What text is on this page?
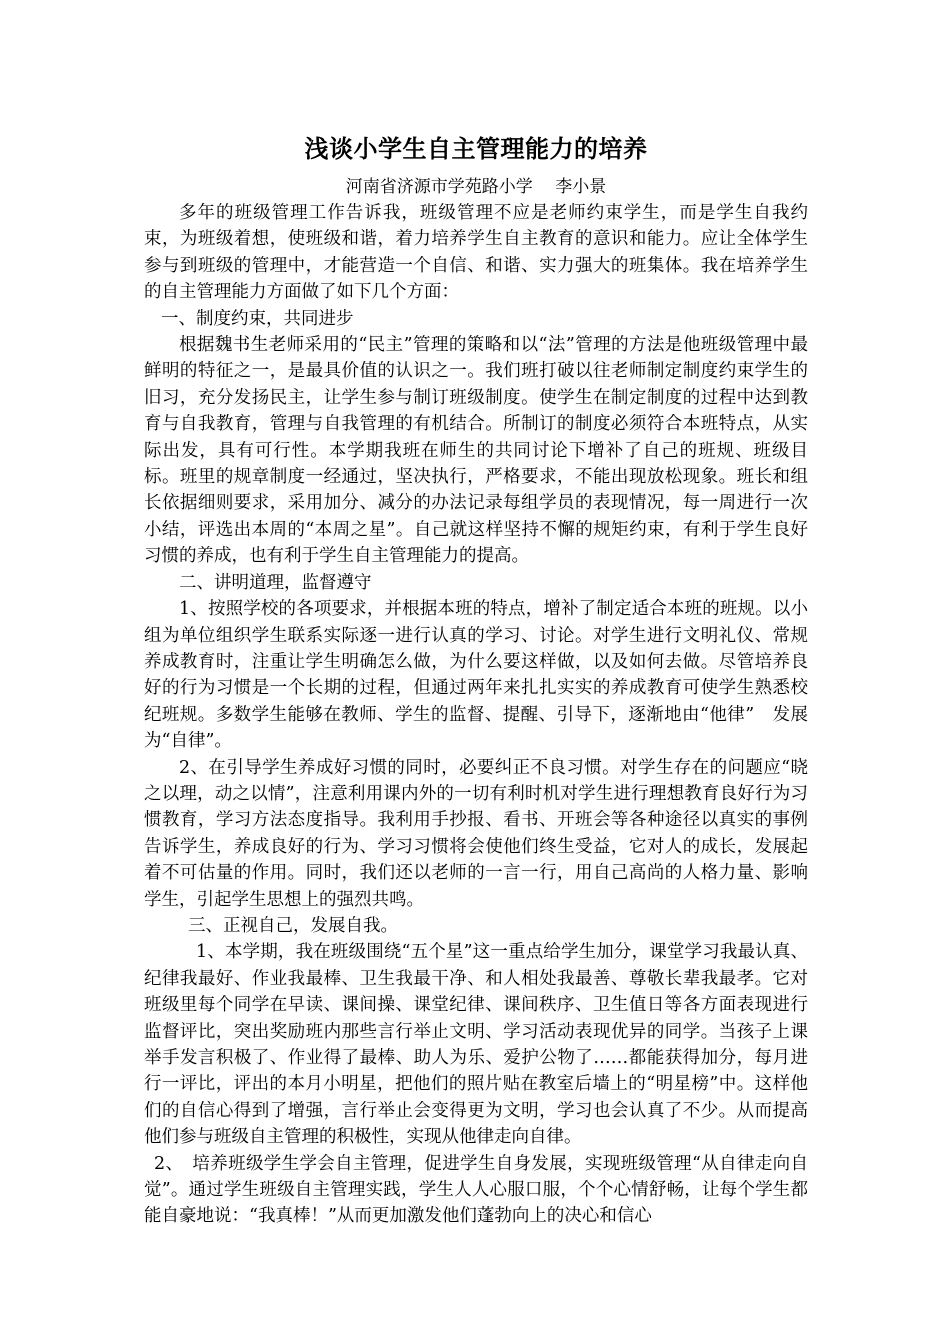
浅谈小学生自主管理能力的培养
河南省济源市学苑路小学　 李小景

多年的班级管理工作告诉我，班级管理不应是老师约束学生，而是学生自我约束，为班级着想，使班级和谐，着力培养学生自主教育的意识和能力。应让全体学生参与到班级的管理中，才能营造一个自信、和谐、实力强大的班集体。我在培养学生的自主管理能力方面做了如下几个方面：

一、制度约束，共同进步

根据魏书生老师采用的“民主”管理的策略和以“法”管理的方法是他班级管理中最鲜明的特征之一，是最具价值的认识之一。我们班打破以往老师制定制度约束学生的旧习，充分发扬民主，让学生参与制订班级制度。使学生在制定制度的过程中达到教育与自我教育，管理与自我管理的有机结合。所制订的制度必须符合本班特点，从实际出发，具有可行性。本学期我班在师生的共同讨论下增补了自己的班规、班级目标。班里的规章制度一经通过，坚决执行，严格要求，不能出现放松现象。班长和组长依据细则要求，采用加分、减分的办法记录每组学员的表现情况，每一周进行一次小结，评选出本周的“本周之星”。自己就这样坚持不懈的规矩约束，有利于学生良好习惯的养成，也有利于学生自主管理能力的提高。

二、讲明道理，监督遵守

1、按照学校的各项要求，并根据本班的特点，增补了制定适合本班的班规。以小组为单位组织学生联系实际逐一进行认真的学习、讨论。对学生进行文明礼仪、常规养成教育时，注重让学生明确怎么做，为什么要这样做，以及如何去做。尽管培养良好的行为习惯是一个长期的过程，但通过两年来扎扎实实的养成教育可使学生熟悉校纪班规。多数学生能够在教师、学生的监督、提醒、引导下，逐渐地由“他律”　发展为“自律”。

2、在引导学生养成好习惯的同时，必要纠正不良习惯。对学生存在的问题应“晓之以理，动之以情”，注意利用课内外的一切有利时机对学生进行理想教育良好行为习惯教育，学习方法态度指导。我利用手抄报、看书、开班会等各种途径以真实的事例告诉学生，养成良好的行为、学习习惯将会使他们终生受益，它对人的成长，发展起着不可估量的作用。同时，我们还以老师的一言一行，用自己高尚的人格力量、影响学生，引起学生思想上的强烈共鸣。

三、正视自己，发展自我。

1、本学期，我在班级围绕“五个星”这一重点给学生加分，课堂学习我最认真、纪律我最好、作业我最棒、卫生我最干净、和人相处我最善、尊敬长辈我最孝。它对班级里每个同学在早读、课间操、课堂纪律、课间秩序、卫生值日等各方面表现进行监督评比，突出奖励班内那些言行举止文明、学习活动表现优异的同学。当孩子上课举手发言积极了、作业得了最棒、助人为乐、爱护公物了……都能获得加分，每月进行一评比，评出的本月小明星，把他们的照片贴在教室后墙上的“明星榜”中。这样他们的自信心得到了增强，言行举止会变得更为文明，学习也会认真了不少。从而提高他们参与班级自主管理的积极性，实现从他律走向自律。

2、　培养班级学生学会自主管理，促进学生自身发展，实现班级管理“从自律走向自觉”。通过学生班级自主管理实践，学生人人心服口服，个个心情舒畅，让每个学生都能自豪地说：“我真棒！”从而更加激发他们蓬勃向上的决心和信心
